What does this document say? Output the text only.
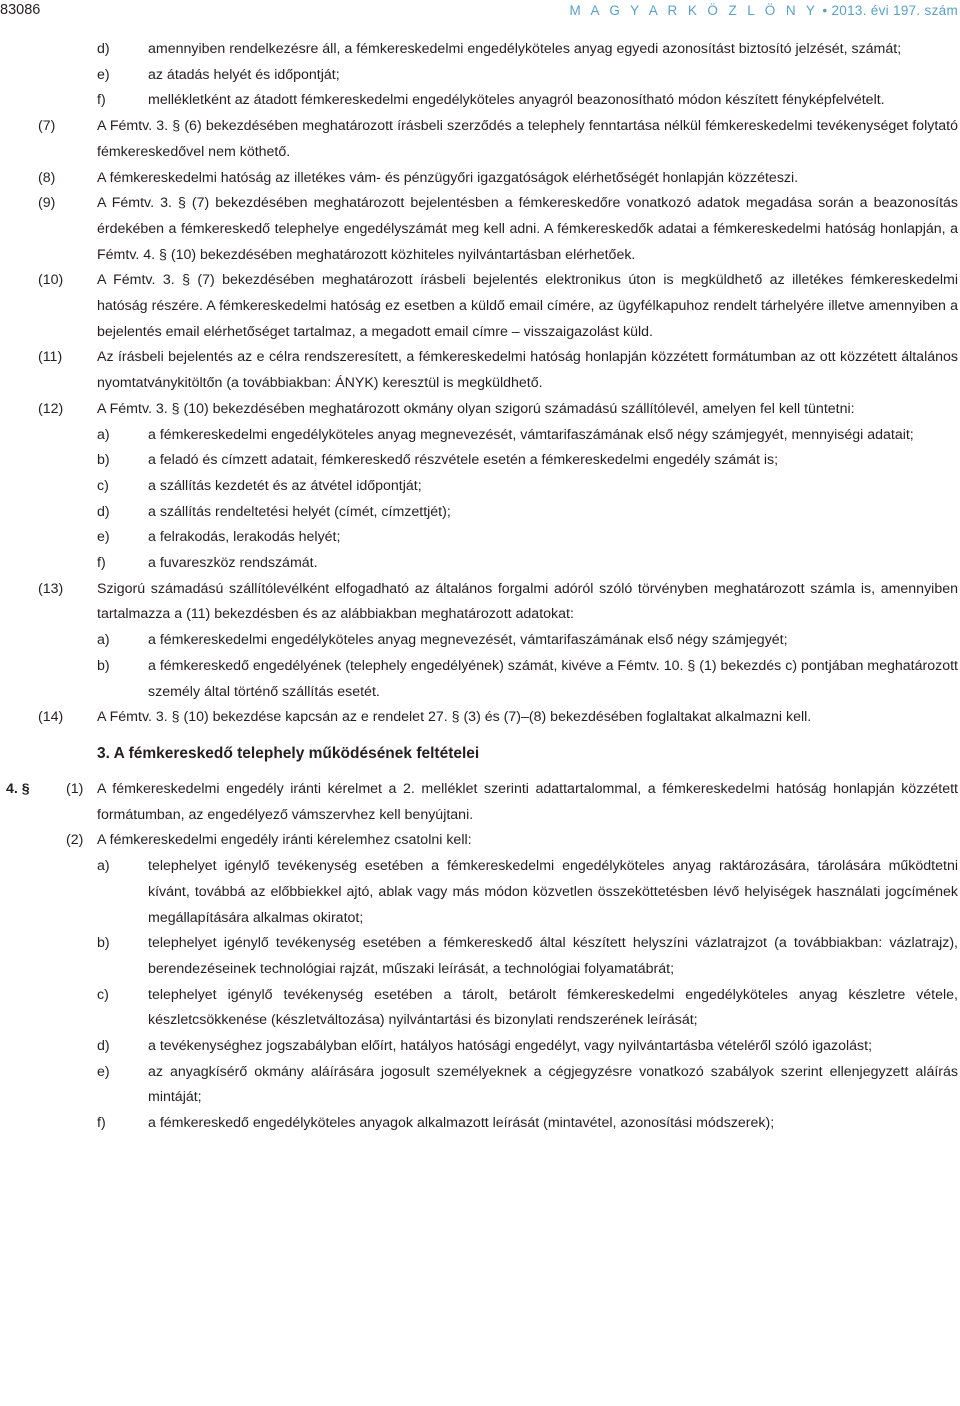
83086	M A G Y A R K Ö Z L Ö N Y • 2013. évi 197. szám
d)	amennyiben rendelkezésre áll, a fémkereskedelmi engedélyköteles anyag egyedi azonosítást biztosító jelzését, számát;
e)	az átadás helyét és időpontját;
f)	mellékletként az átadott fémkereskedelmi engedélyköteles anyagról beazonosítható módon készített fényképfelvételt.
(7)	A Fémtv. 3. § (6) bekezdésében meghatározott írásbeli szerződés a telephely fenntartása nélkül fémkereskedelmi tevékenységet folytató fémkereskedővel nem köthető.
(8)	A fémkereskedelmi hatóság az illetékes vám- és pénzügyőri igazgatóságok elérhetőségét honlapján közzéteszi.
(9)	A Fémtv. 3. § (7) bekezdésében meghatározott bejelentésben a fémkereskedőre vonatkozó adatok megadása során a beazonosítás érdekében a fémkereskedő telephelye engedélyszámát meg kell adni. A fémkereskedők adatai a fémkereskedelmi hatóság honlapján, a Fémtv. 4. § (10) bekezdésében meghatározott közhiteles nyilvántartásban elérhetőek.
(10)	A Fémtv. 3. § (7) bekezdésében meghatározott írásbeli bejelentés elektronikus úton is megküldhető az illetékes fémkereskedelmi hatóság részére. A fémkereskedelmi hatóság ez esetben a küldő email címére, az ügyfélkapuhoz rendelt tárhelyére illetve amennyiben a bejelentés email elérhetőséget tartalmaz, a megadott email címre – visszaigazolást küld.
(11)	Az írásbeli bejelentés az e célra rendszeresített, a fémkereskedelmi hatóság honlapján közzétett formátumban az ott közzétett általános nyomtatványkitöltőn (a továbbiakban: ÁNYK) keresztül is megküldhető.
(12)	A Fémtv. 3. § (10) bekezdésében meghatározott okmány olyan szigorú számadású szállítólevél, amelyen fel kell tüntetni:
a)	a fémkereskedelmi engedélyköteles anyag megnevezését, vámtarifaszámának első négy számjegyét, mennyiségi adatait;
b)	a feladó és címzett adatait, fémkereskedő részvétele esetén a fémkereskedelmi engedély számát is;
c)	a szállítás kezdetét és az átvétel időpontját;
d)	a szállítás rendeltetési helyét (címét, címzettjét);
e)	a felrakodás, lerakodás helyét;
f)	a fuvareszköz rendszámát.
(13)	Szigorú számadású szállítólevélként elfogadható az általános forgalmi adóról szóló törvényben meghatározott számla is, amennyiben tartalmazza a (11) bekezdésben és az alábbiakban meghatározott adatokat:
a)	a fémkereskedelmi engedélyköteles anyag megnevezését, vámtarifaszámának első négy számjegyét;
b)	a fémkereskedő engedélyének (telephely engedélyének) számát, kivéve a Fémtv. 10. § (1) bekezdés c) pontjában meghatározott személy által történő szállítás esetét.
(14)	A Fémtv. 3. § (10) bekezdése kapcsán az e rendelet 27. § (3) és (7)–(8) bekezdésében foglaltakat alkalmazni kell.
3. A fémkereskedő telephely működésének feltételei
4. §	(1) A fémkereskedelmi engedély iránti kérelmet a 2. melléklet szerinti adattartalommal, a fémkereskedelmi hatóság honlapján közzétett formátumban, az engedélyező vámszervhez kell benyújtani.
(2) A fémkereskedelmi engedély iránti kérelemhez csatolni kell:
a)	telephelyet igénylő tevékenység esetében a fémkereskedelmi engedélyköteles anyag raktározására, tárolására működtetni kívánt, továbbá az előbbiekkel ajtó, ablak vagy más módon közvetlen összeköttetésben lévő helyiségek használati jogcímének megállapítására alkalmas okiratot;
b)	telephelyet igénylő tevékenység esetében a fémkereskedő által készített helyszíni vázlatrajzot (a továbbiakban: vázlatrajz), berendezéseinek technológiai rajzát, műszaki leírását, a technológiai folyamatábrát;
c)	telephelyet igénylő tevékenység esetében a tárolt, betárolt fémkereskedelmi engedélyköteles anyag készletre vétele, készletcsökkenése (készletváltozása) nyilvántartási és bizonylati rendszerének leírását;
d)	a tevékenységhez jogszabályban előírt, hatályos hatósági engedélyt, vagy nyilvántartásba vételéről szóló igazolást;
e)	az anyagkísérő okmány aláírására jogosult személyeknek a cégjegyzésre vonatkozó szabályok szerint ellenjegyzett aláírás mintáját;
f)	a fémkereskedő engedélyköteles anyagok alkalmazott leírását (mintavétel, azonosítási módszerek);
